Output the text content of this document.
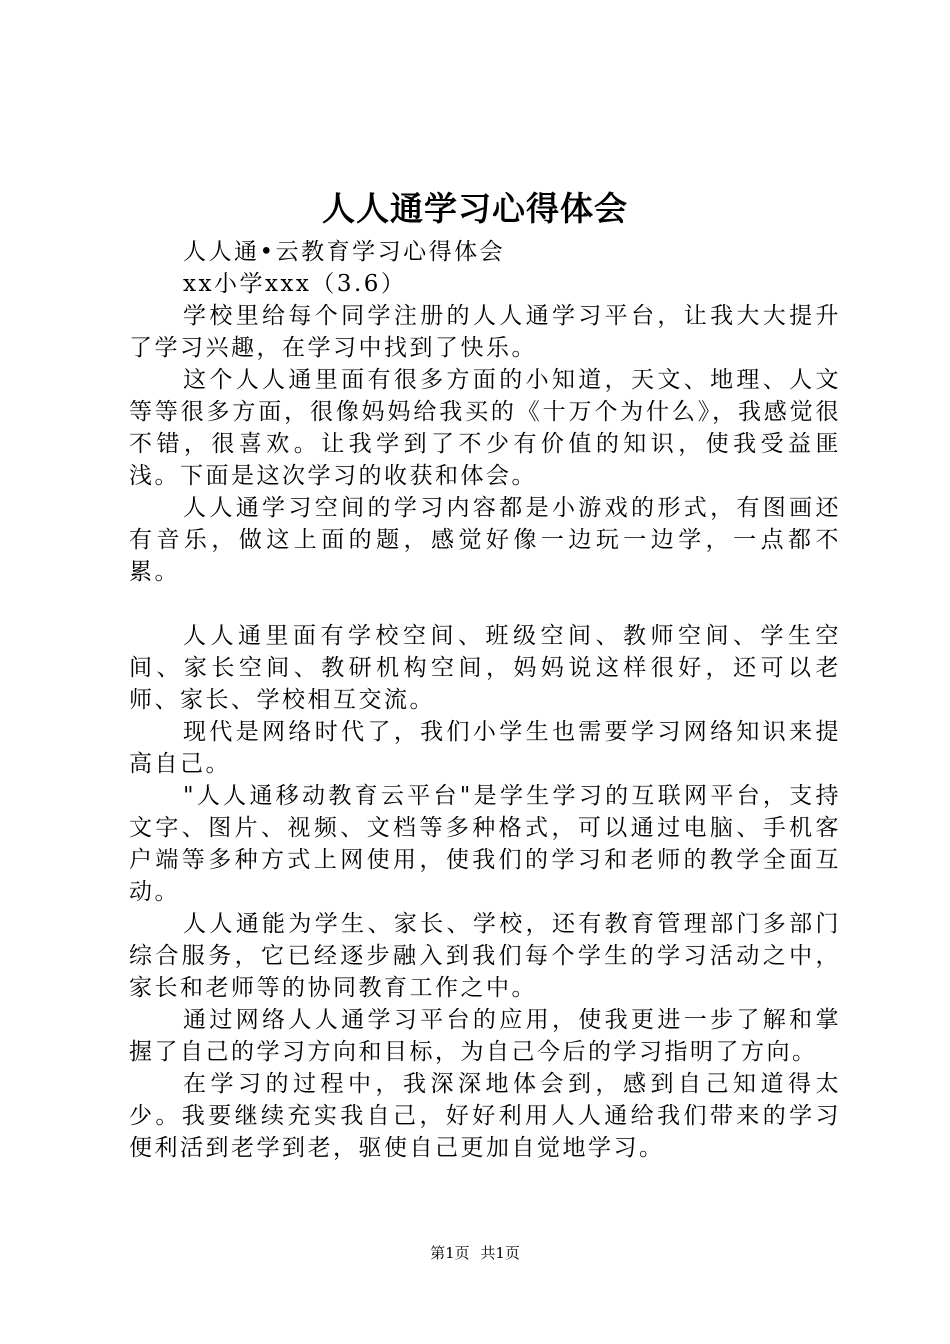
人人通学习心得体会

人人通•云教育学习心得体会

xx小学xxx（3.6）

学校里给每个同学注册的人人通学习平台，让我大大提升了学习兴趣，在学习中找到了快乐。

这个人人通里面有很多方面的小知道，天文、地理、人文等等很多方面，很像妈妈给我买的《十万个为什么》，我感觉很不错，很喜欢。让我学到了不少有价值的知识，使我受益匪浅。下面是这次学习的收获和体会。

人人通学习空间的学习内容都是小游戏的形式，有图画还有音乐，做这上面的题，感觉好像一边玩一边学，一点都不累。

人人通里面有学校空间、班级空间、教师空间、学生空间、家长空间、教研机构空间，妈妈说这样很好，还可以老师、家长、学校相互交流。

现代是网络时代了，我们小学生也需要学习网络知识来提高自己。

"人人通移动教育云平台"是学生学习的互联网平台，支持文字、图片、视频、文档等多种格式，可以通过电脑、手机客户端等多种方式上网使用，使我们的学习和老师的教学全面互动。

人人通能为学生、家长、学校，还有教育管理部门多部门综合服务，它已经逐步融入到我们每个学生的学习活动之中，家长和老师等的协同教育工作之中。

通过网络人人通学习平台的应用，使我更进一步了解和掌握了自己的学习方向和目标，为自己今后的学习指明了方向。

在学习的过程中，我深深地体会到，感到自己知道得太少。我要继续充实我自己，好好利用人人通给我们带来的学习便利活到老学到老，驱使自己更加自觉地学习。

第1页 共1页
